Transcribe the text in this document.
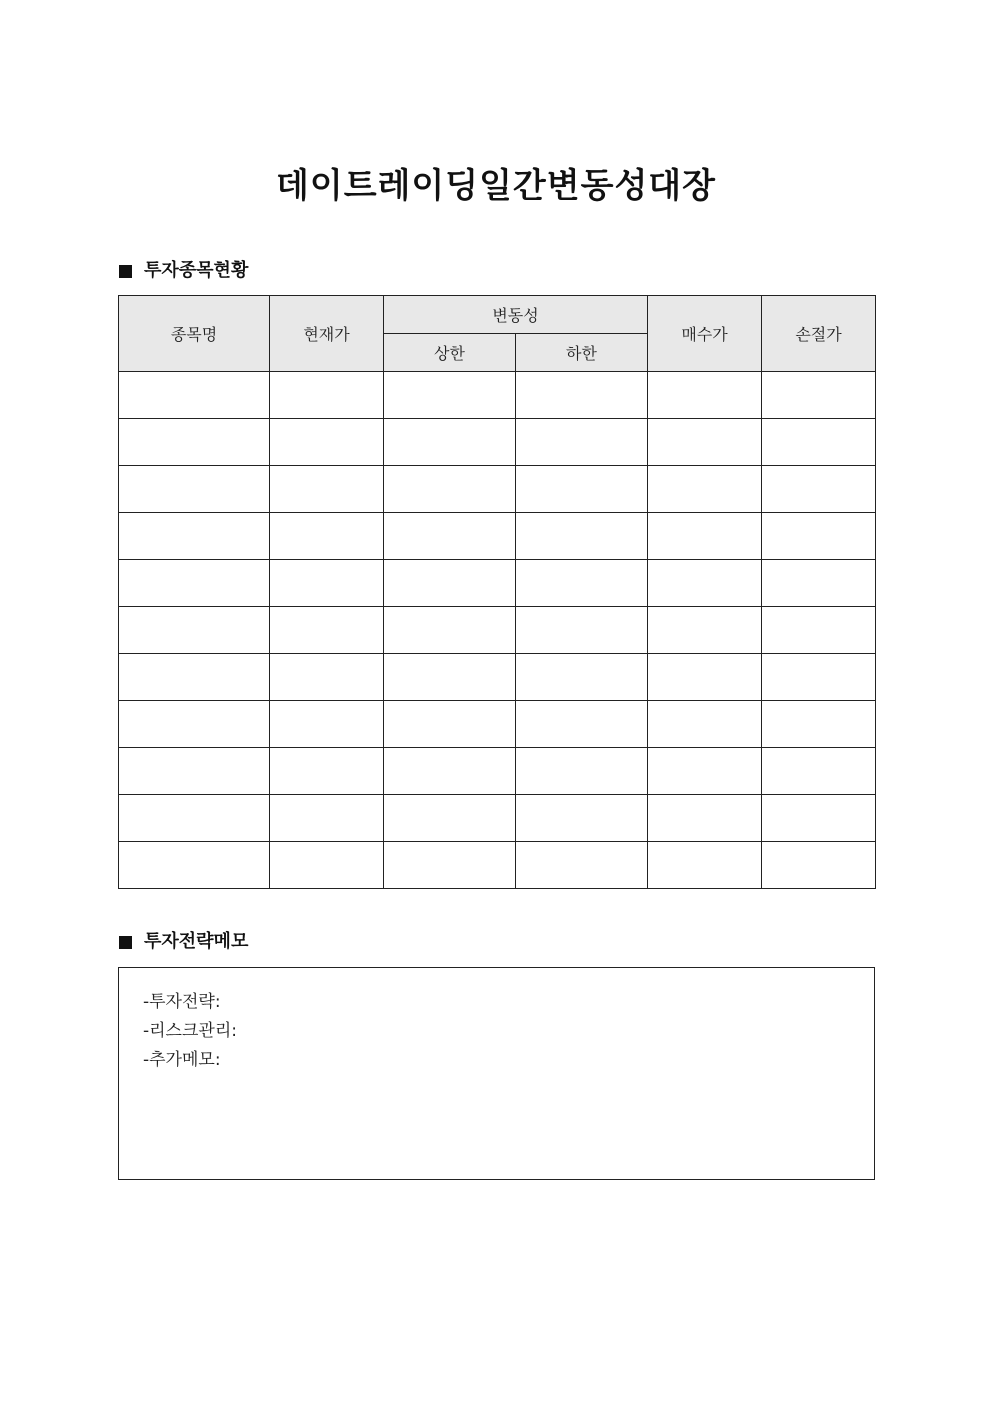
데이트레이딩일간변동성대장
투자종목현황
종목명	현재가	변동성		매수가	손절가
		상한	하한		

투자전략메모
-투자전략:
-리스크관리:
-추가메모:
